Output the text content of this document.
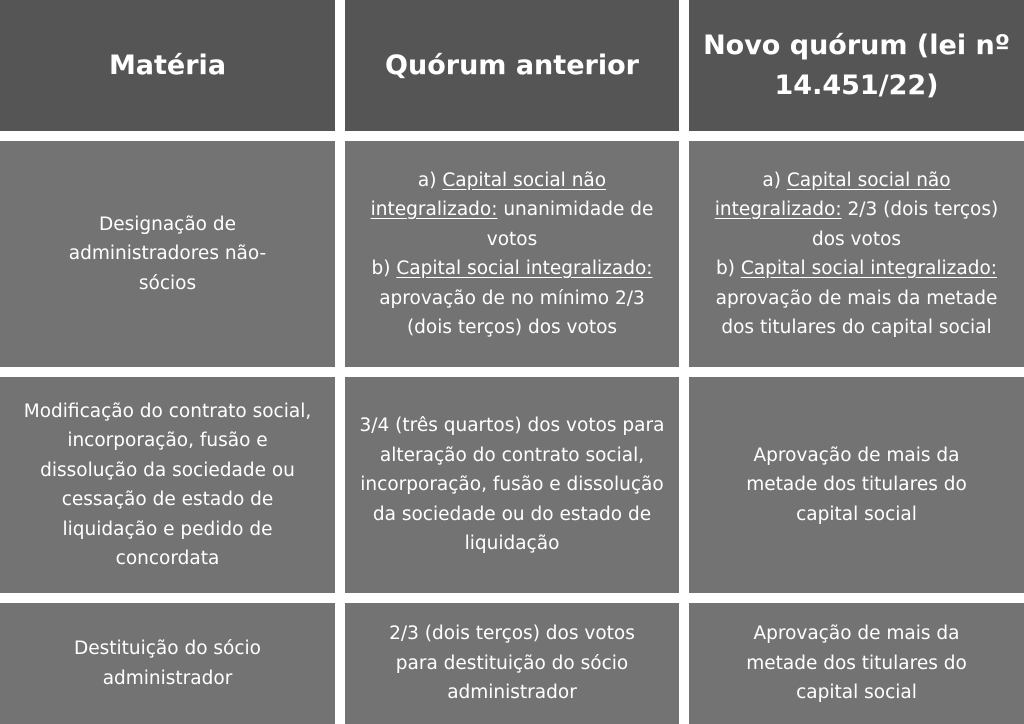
Matéria	Quórum anterior
Novo quórum (lei nº 14.451/22)
Designação de administradores não-sócios
a) Capital social não integralizado: unanimidade de votos
b) Capital social integralizado: aprovação de no mínimo 2/3 (dois terços) dos votos
a) Capital social não integralizado: 2/3 (dois terços) dos votos
b) Capital social integralizado: aprovação de mais da metade dos titulares do capital social
Modificação do contrato social, incorporação, fusão e dissolução da sociedade ou cessação de estado de liquidação e pedido de concordata
3/4 (três quartos) dos votos para alteração do contrato social, incorporação, fusão e dissolução da sociedade ou do estado de liquidação
Aprovação de mais da metade dos titulares do capital social
Destituição do sócio administrador
2/3 (dois terços) dos votos para destituição do sócio administrador
Aprovação de mais da metade dos titulares do capital social
